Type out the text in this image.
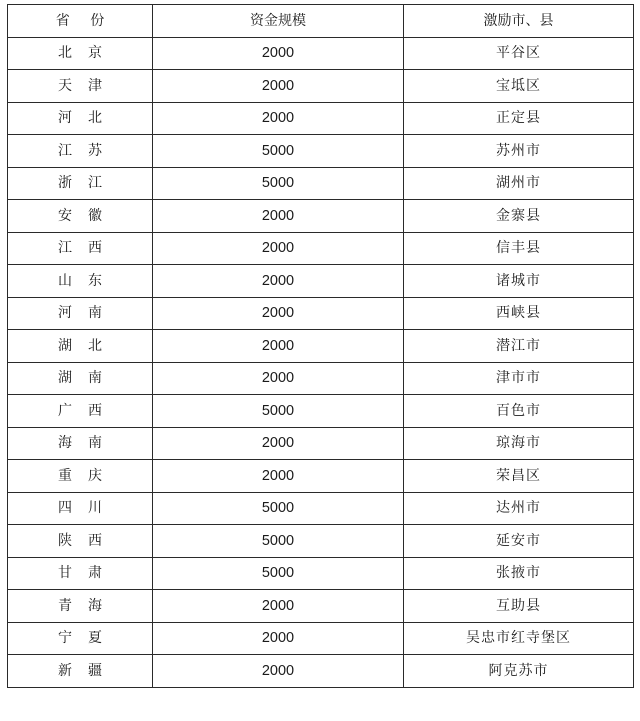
省 份	资金规模	激励市、县
北京	2000	平谷区
天津	2000	宝坻区
河北	2000	正定县
江苏	5000	苏州市
浙江	5000	湖州市
安徽	2000	金寨县
江西	2000	信丰县
山东	2000	诸城市
河南	2000	西峡县
湖北	2000	潜江市
湖南	2000	津市市
广西	5000	百色市
海南	2000	琼海市
重庆	2000	荣昌区
四川	5000	达州市
陕西	5000	延安市
甘肃	5000	张掖市
青海	2000	互助县
宁夏	2000	吴忠市红寺堡区
新疆	2000	阿克苏市
